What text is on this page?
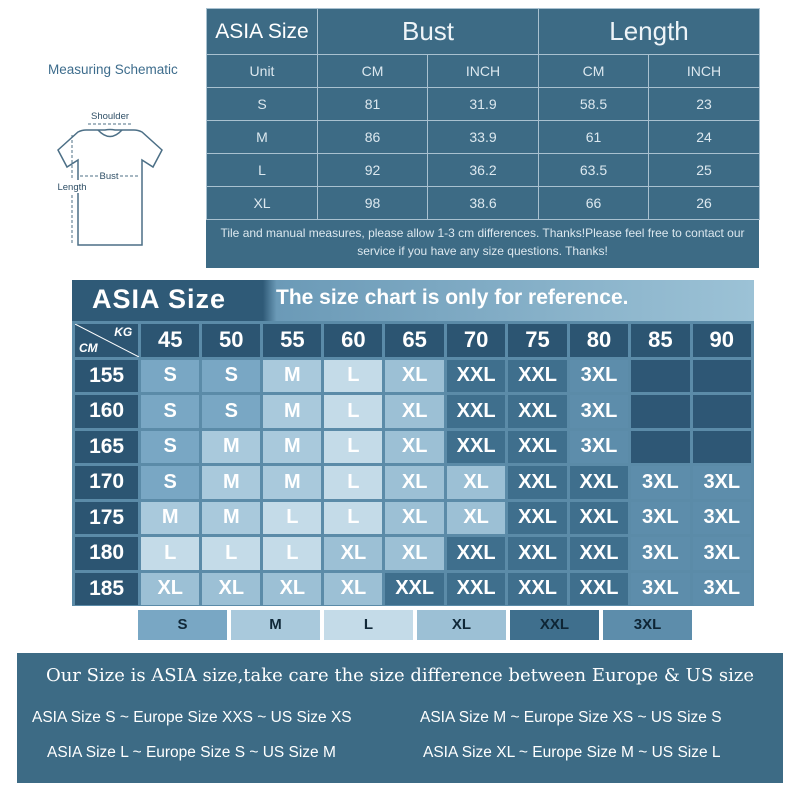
Measuring Schematic
Shoulder
Bust
Length
ASIA Size	Bust		Length	
Unit	CM	INCH	CM	INCH
S	81	31.9	58.5	23
M	86	33.9	61	24
L	92	36.2	63.5	25
XL	98	38.6	66	26
Tile and manual measures, please allow 1-3 cm differences. Thanks!Please feel free to contact our service if you have any size questions. Thanks!
ASIA Size The size chart is only for reference.
KG
CM	45	50	55	60	65	70	75	80	85	90
155	S	S	M	L	XL	XXL	XXL	3XL		
160	S	S	M	L	XL	XXL	XXL	3XL		
165	S	M	M	L	XL	XXL	XXL	3XL		
170	S	M	M	L	XL	XL	XXL	XXL	3XL	3XL
175	M	M	L	L	XL	XL	XXL	XXL	3XL	3XL
180	L	L	L	XL	XL	XXL	XXL	XXL	3XL	3XL
185	XL	XL	XL	XL	XXL	XXL	XXL	XXL	3XL	3XL
S	M	L	XL	XXL	3XL
Our Size is ASIA size,take care the size difference between Europe & US size
ASIA Size S ~ Europe Size XXS ~ US Size XS	ASIA Size M ~ Europe Size XS ~ US Size S
ASIA Size L ~ Europe Size S ~ US Size M	ASIA Size XL ~ Europe Size M ~ US Size L
